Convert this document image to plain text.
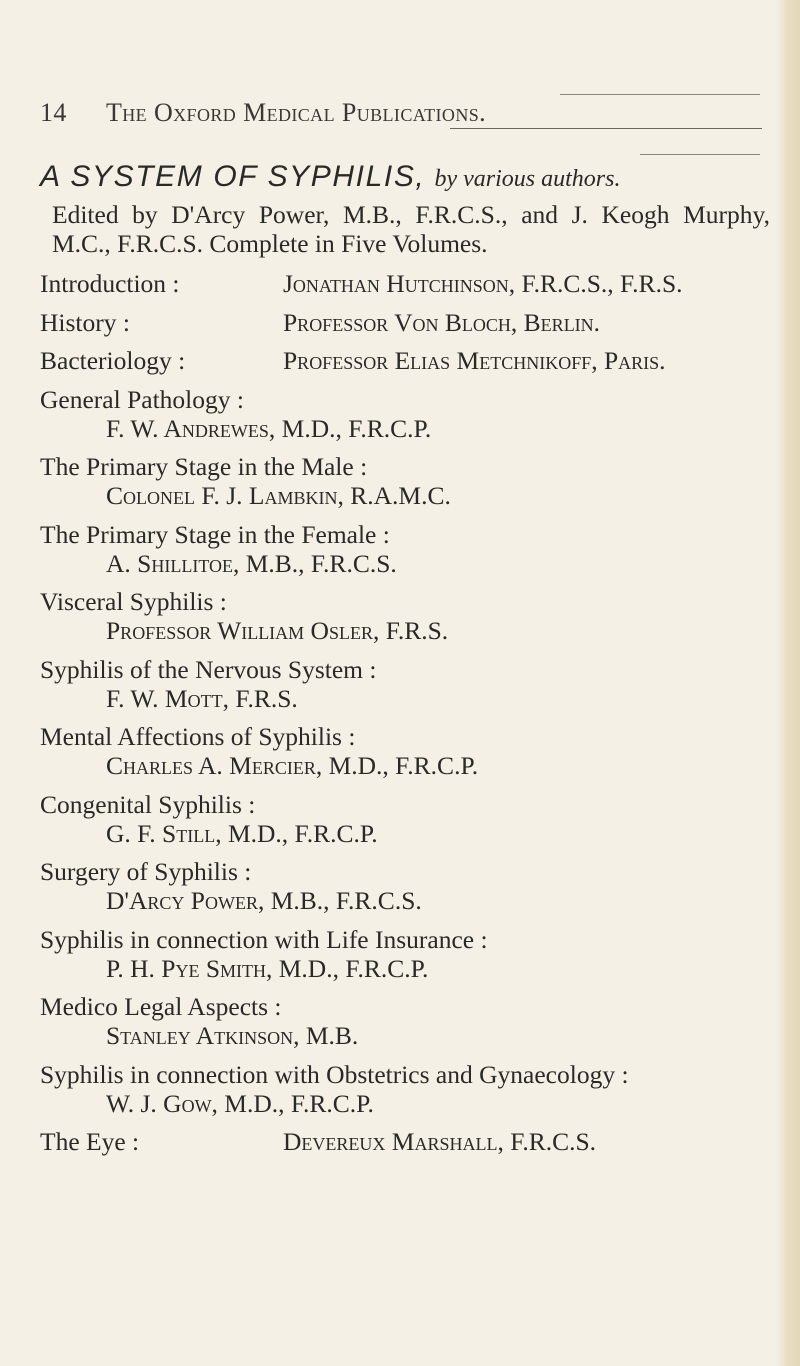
14 The Oxford Medical Publications.
A SYSTEM OF SYPHILIS, by various authors.

Edited by D'Arcy Power, M.B., F.R.C.S., and J. Keogh Murphy, M.C., F.R.C.S. Complete in Five Volumes.

Introduction :	Jonathan Hutchinson, F.R.C.S., F.R.S.
History :	Professor Von Bloch, Berlin.
Bacteriology :	Professor Elias Metchnikoff, Paris.
General Pathology :
F. W. Andrewes, M.D., F.R.C.P.
The Primary Stage in the Male :
Colonel F. J. Lambkin, R.A.M.C.
The Primary Stage in the Female :
A. Shillitoe, M.B., F.R.C.S.
Visceral Syphilis :
Professor William Osler, F.R.S.
Syphilis of the Nervous System :
F. W. Mott, F.R.S.
Mental Affections of Syphilis :
Charles A. Mercier, M.D., F.R.C.P.
Congenital Syphilis :
G. F. Still, M.D., F.R.C.P.
Surgery of Syphilis :
D'Arcy Power, M.B., F.R.C.S.
Syphilis in connection with Life Insurance :
P. H. Pye Smith, M.D., F.R.C.P.
Medico Legal Aspects :
Stanley Atkinson, M.B.
Syphilis in connection with Obstetrics and Gynaecology :
W. J. Gow, M.D., F.R.C.P.
The Eye :	Devereux Marshall, F.R.C.S.
